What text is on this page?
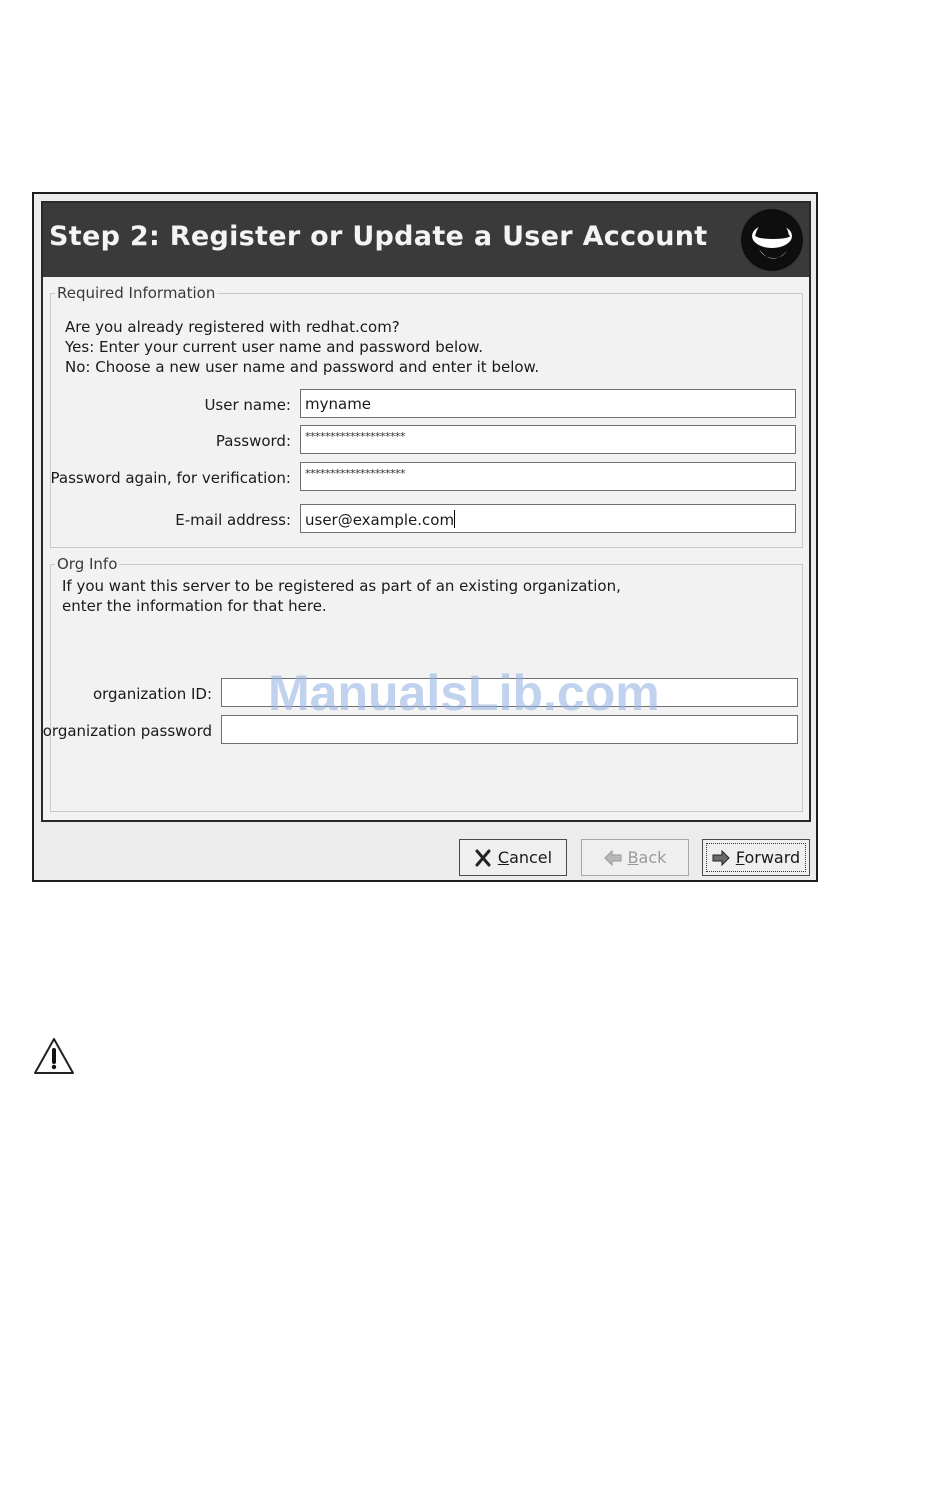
Step 2: Register or Update a User Account
Required Information
Are you already registered with redhat.com?
Yes: Enter your current user name and password below.
No: Choose a new user name and password and enter it below.
User name: myname
Password:	********************
Password again, for verification:	********************
E-mail address: user@example.com
Org Info
If you want this server to be registered as part of an existing organization,
enter the information for that here.
organization ID:
organization password
Cancel	Back	Forward
ManualsLib.com
